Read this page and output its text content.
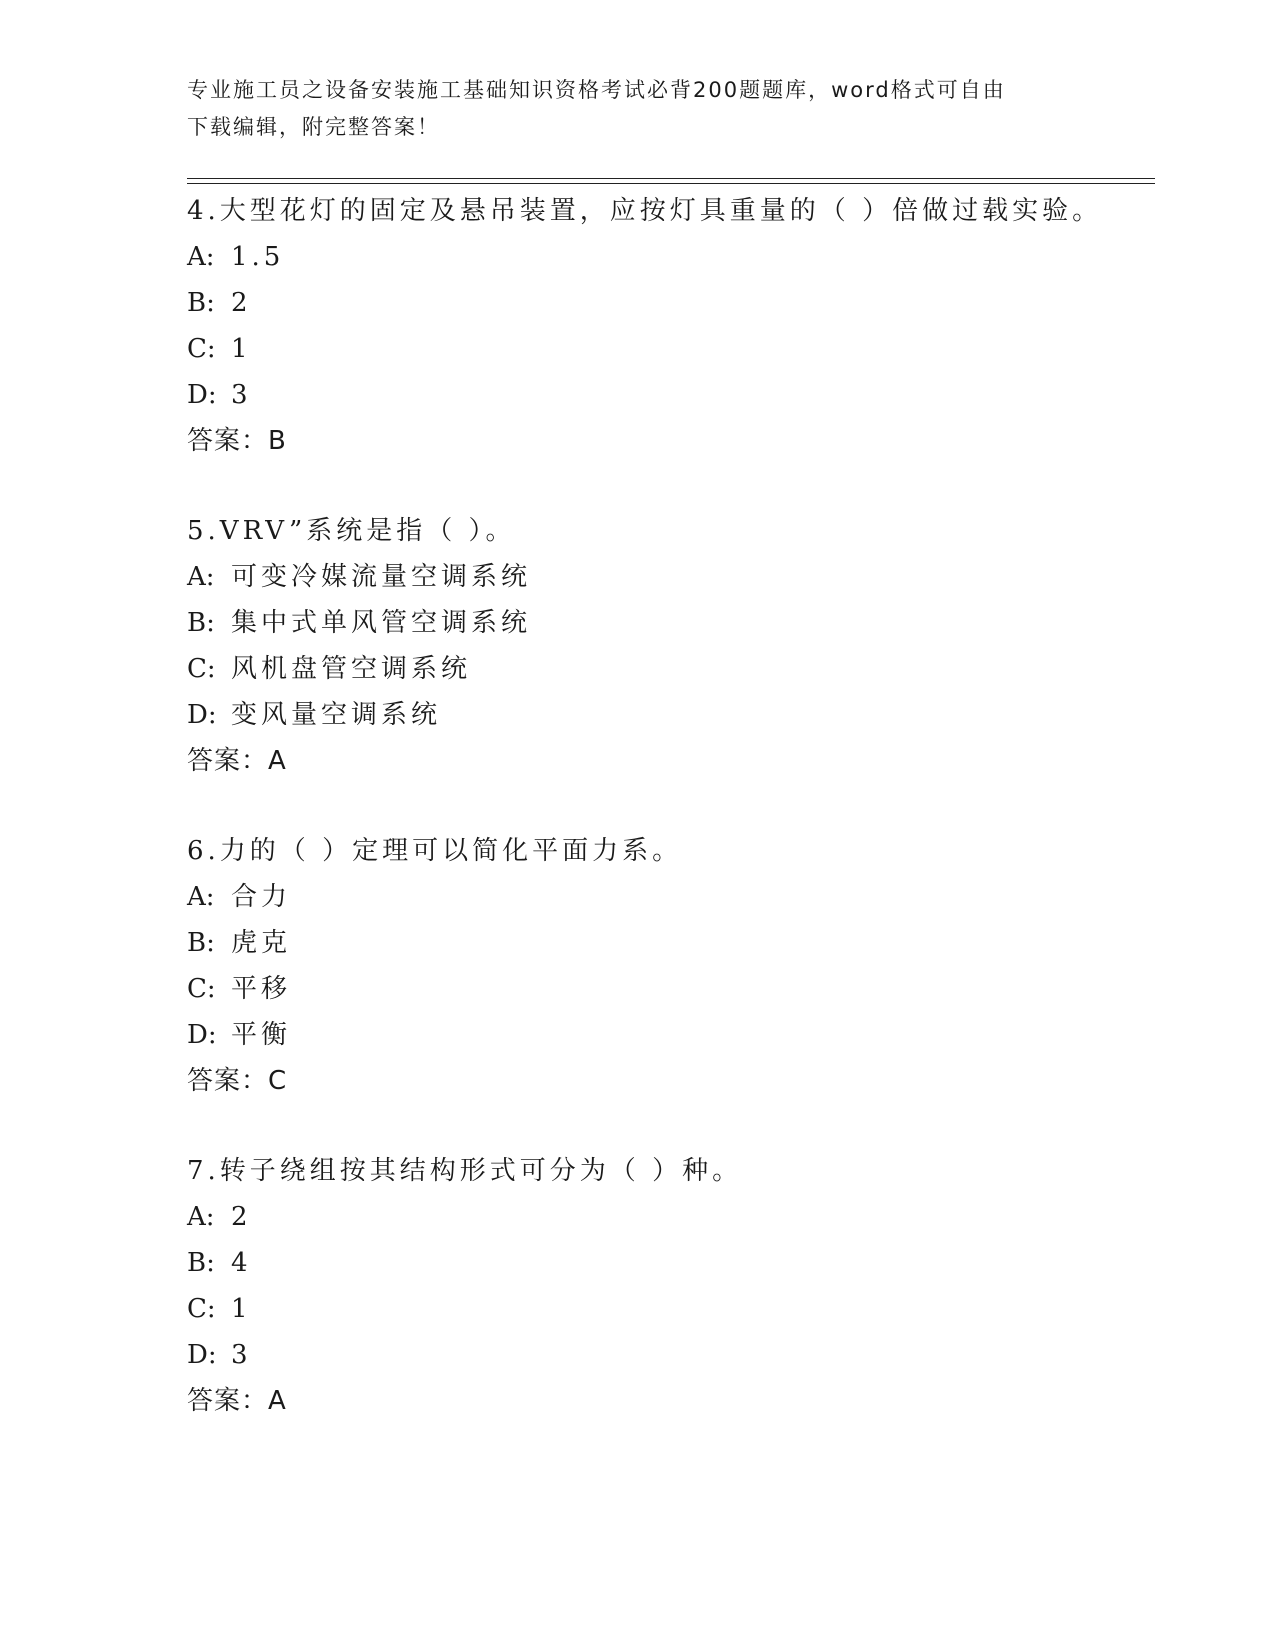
专业施工员之设备安装施工基础知识资格考试必背200题题库，word格式可自由
下载编辑，附完整答案！
4.大型花灯的固定及悬吊装置，应按灯具重量的（ ）倍做过载实验。
A: 1.5
B: 2
C: 1
D: 3
答案：B
5.VRV”系统是指（ ）。
A: 可变冷媒流量空调系统
B: 集中式单风管空调系统
C: 风机盘管空调系统
D: 变风量空调系统
答案：A
6.力的（ ）定理可以简化平面力系。
A: 合力
B: 虎克
C: 平移
D: 平衡
答案：C
7.转子绕组按其结构形式可分为（ ）种。
A: 2
B: 4
C: 1
D: 3
答案：A
